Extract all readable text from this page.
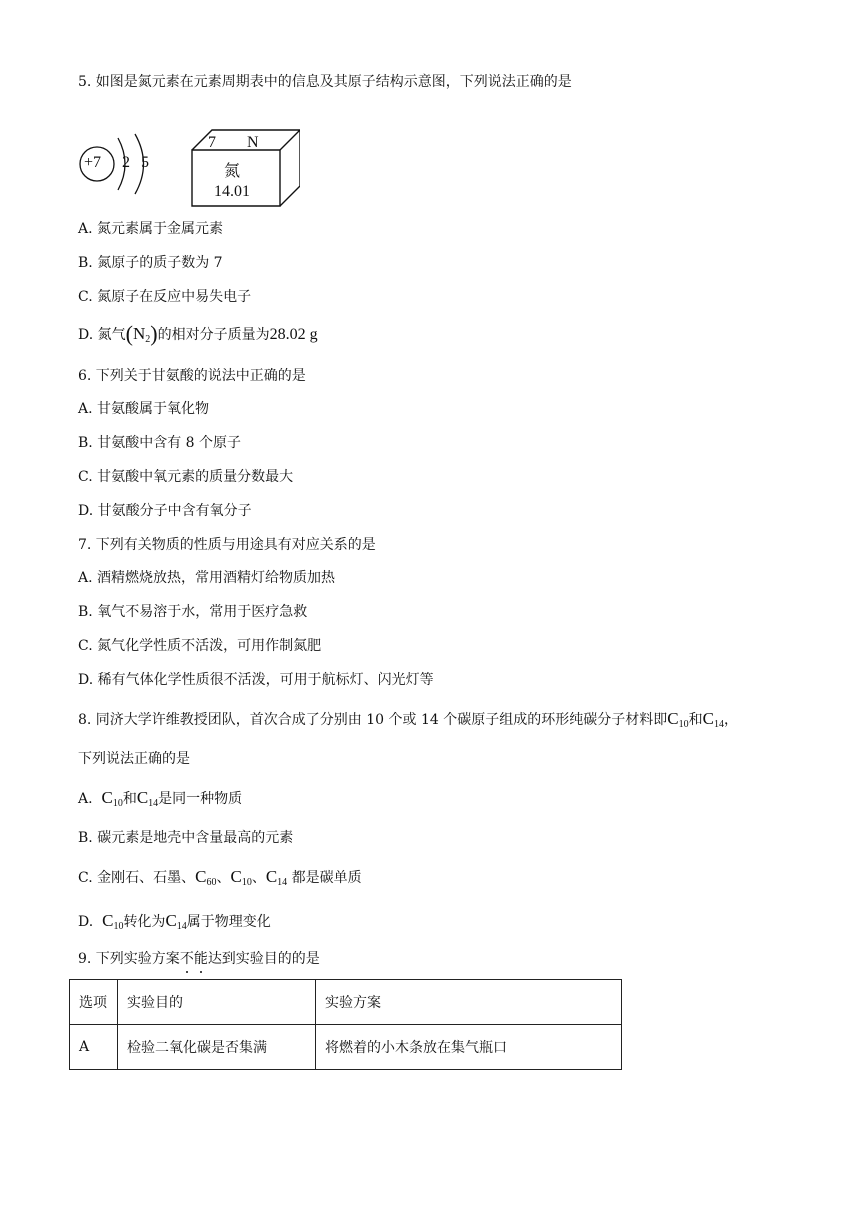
5. 如图是氮元素在元素周期表中的信息及其原子结构示意图，下列说法正确的是
+7 2 5
7 N
氮
14.01
A. 氮元素属于金属元素
B. 氮原子的质子数为 7
C. 氮原子在反应中易失电子
D. 氮气$(N_2)$的相对分子质量为28.02 g
6. 下列关于甘氨酸的说法中正确的是
A. 甘氨酸属于氧化物
B. 甘氨酸中含有 8 个原子
C. 甘氨酸中氧元素的质量分数最大
D. 甘氨酸分子中含有氧分子
7. 下列有关物质的性质与用途具有对应关系的是
A. 酒精燃烧放热，常用酒精灯给物质加热
B. 氧气不易溶于水，常用于医疗急救
C. 氮气化学性质不活泼，可用作制氮肥
D. 稀有气体化学性质很不活泼，可用于航标灯、闪光灯等
8. 同济大学许维教授团队，首次合成了分别由 10 个或 14 个碳原子组成的环形纯碳分子材料即$C_{10}$和$C_{14}$，
下列说法正确的是
A. $C_{10}$和$C_{14}$是同一种物质
B. 碳元素是地壳中含量最高的元素
C. 金刚石、石墨、$C_{60}$、$C_{10}$、$C_{14}$ 都是碳单质
D. $C_{10}$转化为$C_{14}$属于物理变化
9. 下列实验方案不能达到实验目的的是
选项	实验目的	实验方案
A	检验二氧化碳是否集满	将燃着的小木条放在集气瓶口
